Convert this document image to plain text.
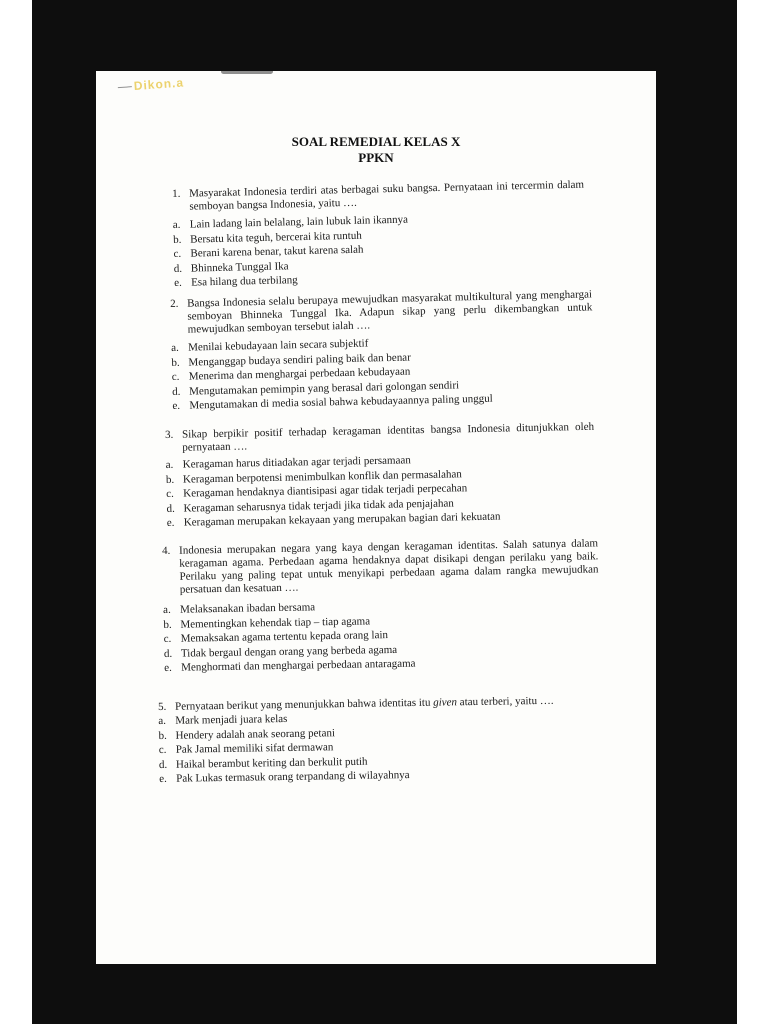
Dikon.a
SOAL REMEDIAL KELAS X
PPKN
1. Masyarakat Indonesia terdiri atas berbagai suku bangsa. Pernyataan ini tercermin dalam semboyan bangsa Indonesia, yaitu ….
a. Lain ladang lain belalang, lain lubuk lain ikannya
b. Bersatu kita teguh, bercerai kita runtuh
c. Berani karena benar, takut karena salah
d. Bhinneka Tunggal Ika
e. Esa hilang dua terbilang
2. Bangsa Indonesia selalu berupaya mewujudkan masyarakat multikultural yang menghargai semboyan Bhinneka Tunggal Ika. Adapun sikap yang perlu dikembangkan untuk mewujudkan semboyan tersebut ialah ….
a. Menilai kebudayaan lain secara subjektif
b. Menganggap budaya sendiri paling baik dan benar
c. Menerima dan menghargai perbedaan kebudayaan
d. Mengutamakan pemimpin yang berasal dari golongan sendiri
e. Mengutamakan di media sosial bahwa kebudayaannya paling unggul
3. Sikap berpikir positif terhadap keragaman identitas bangsa Indonesia ditunjukkan oleh pernyataan ….
a. Keragaman harus ditiadakan agar terjadi persamaan
b. Keragaman berpotensi menimbulkan konflik dan permasalahan
c. Keragaman hendaknya diantisipasi agar tidak terjadi perpecahan
d. Keragaman seharusnya tidak terjadi jika tidak ada penjajahan
e. Keragaman merupakan kekayaan yang merupakan bagian dari kekuatan
4. Indonesia merupakan negara yang kaya dengan keragaman identitas. Salah satunya dalam keragaman agama. Perbedaan agama hendaknya dapat disikapi dengan perilaku yang baik. Perilaku yang paling tepat untuk menyikapi perbedaan agama dalam rangka mewujudkan persatuan dan kesatuan ….
a. Melaksanakan ibadan bersama
b. Mementingkan kehendak tiap – tiap agama
c. Memaksakan agama tertentu kepada orang lain
d. Tidak bergaul dengan orang yang berbeda agama
e. Menghormati dan menghargai perbedaan antaragama
5. Pernyataan berikut yang menunjukkan bahwa identitas itu given atau terberi, yaitu ….
a. Mark menjadi juara kelas
b. Hendery adalah anak seorang petani
c. Pak Jamal memiliki sifat dermawan
d. Haikal berambut keriting dan berkulit putih
e. Pak Lukas termasuk orang terpandang di wilayahnya
